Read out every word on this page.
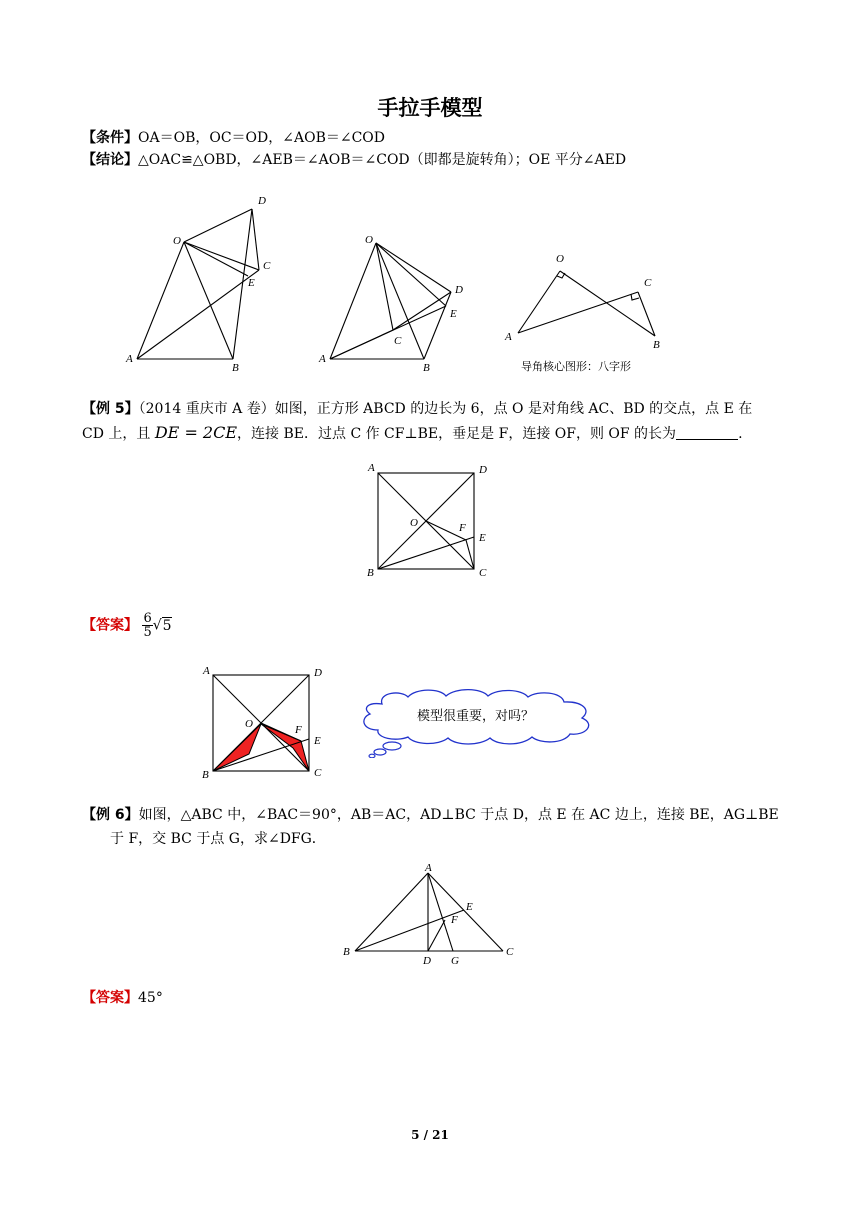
手拉手模型
【条件】OA＝OB，OC＝OD，∠AOB＝∠COD
【结论】△OAC≌△OBD，∠AEB＝∠AOB＝∠COD（即都是旋转角）；OE 平分∠AED
D
O
C
E
A
B
O
D
E
C
A
B
O
C
A
B
导角核心图形：八字形
【例 5】（2014 重庆市 A 卷）如图，正方形 ABCD 的边长为 6，点 O 是对角线 AC、BD 的交点，点 E 在
CD 上，且 DE = 2CE，连接 BE．过点 C 作 CF⊥BE，垂足是 F，连接 OF，则 OF 的长为	.
A	D
O	F
E
B	C
【答案】 $\frac{6}{5} √5$
A	D
O	F
E
B	C
模型很重要，对吗？
【例 6】如图，△ABC 中，∠BAC＝90°，AB＝AC，AD⊥BC 于点 D，点 E 在 AC 边上，连接 BE，AG⊥BE
于 F，交 BC 于点 G，求∠DFG．
A
E
F
B
D G
C
【答案】45°
5 / 21
